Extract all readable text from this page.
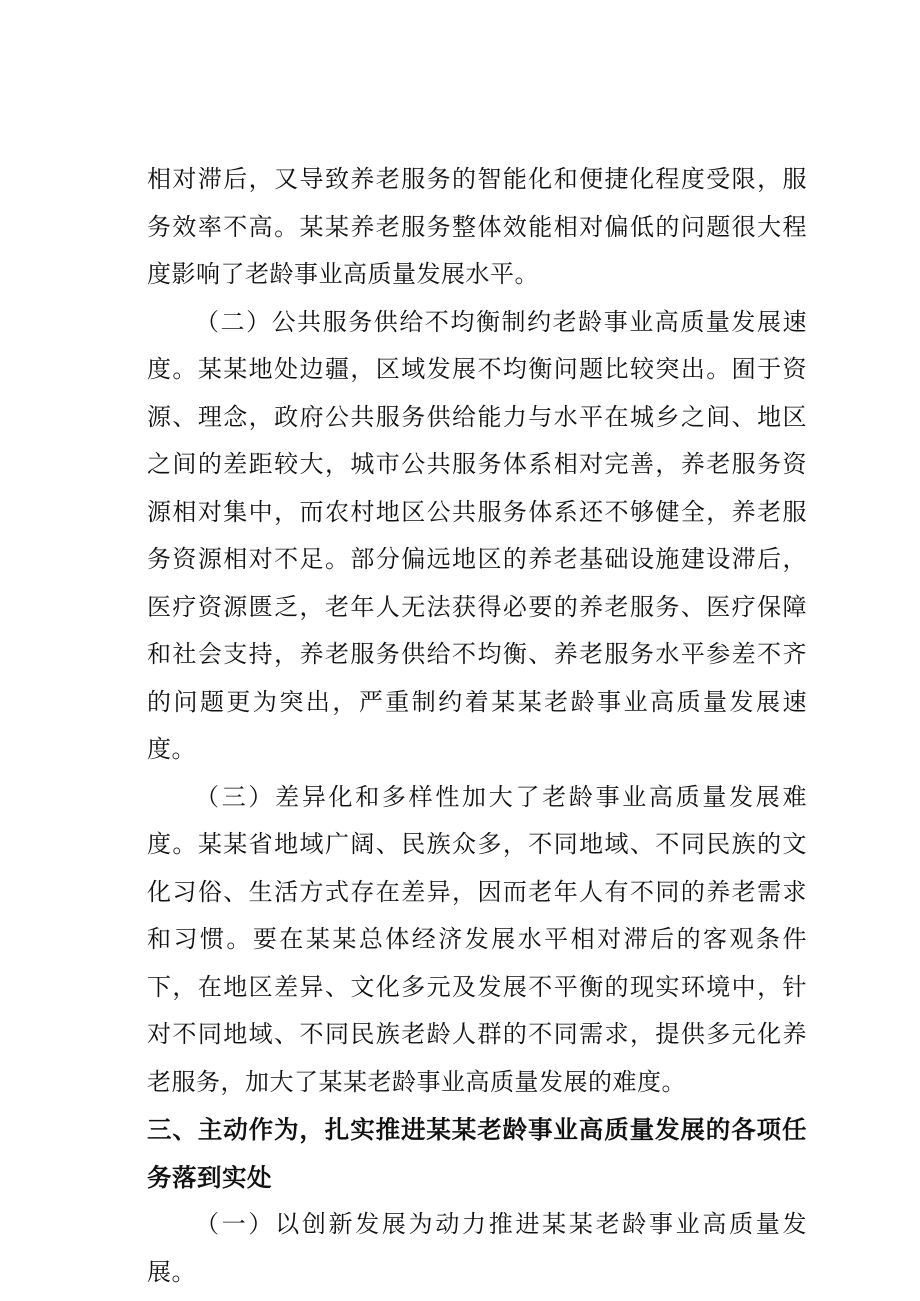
相对滞后，又导致养老服务的智能化和便捷化程度受限，服务效率不高。某某养老服务整体效能相对偏低的问题很大程度影响了老龄事业高质量发展水平。

（二）公共服务供给不均衡制约老龄事业高质量发展速度。某某地处边疆，区域发展不均衡问题比较突出。囿于资源、理念，政府公共服务供给能力与水平在城乡之间、地区之间的差距较大，城市公共服务体系相对完善，养老服务资源相对集中，而农村地区公共服务体系还不够健全，养老服务资源相对不足。部分偏远地区的养老基础设施建设滞后，医疗资源匮乏，老年人无法获得必要的养老服务、医疗保障和社会支持，养老服务供给不均衡、养老服务水平参差不齐的问题更为突出，严重制约着某某老龄事业高质量发展速度。

（三）差异化和多样性加大了老龄事业高质量发展难度。某某省地域广阔、民族众多，不同地域、不同民族的文化习俗、生活方式存在差异，因而老年人有不同的养老需求和习惯。要在某某总体经济发展水平相对滞后的客观条件下，在地区差异、文化多元及发展不平衡的现实环境中，针对不同地域、不同民族老龄人群的不同需求，提供多元化养老服务，加大了某某老龄事业高质量发展的难度。

三、主动作为，扎实推进某某老龄事业高质量发展的各项任务落到实处

（一）以创新发展为动力推进某某老龄事业高质量发展。
